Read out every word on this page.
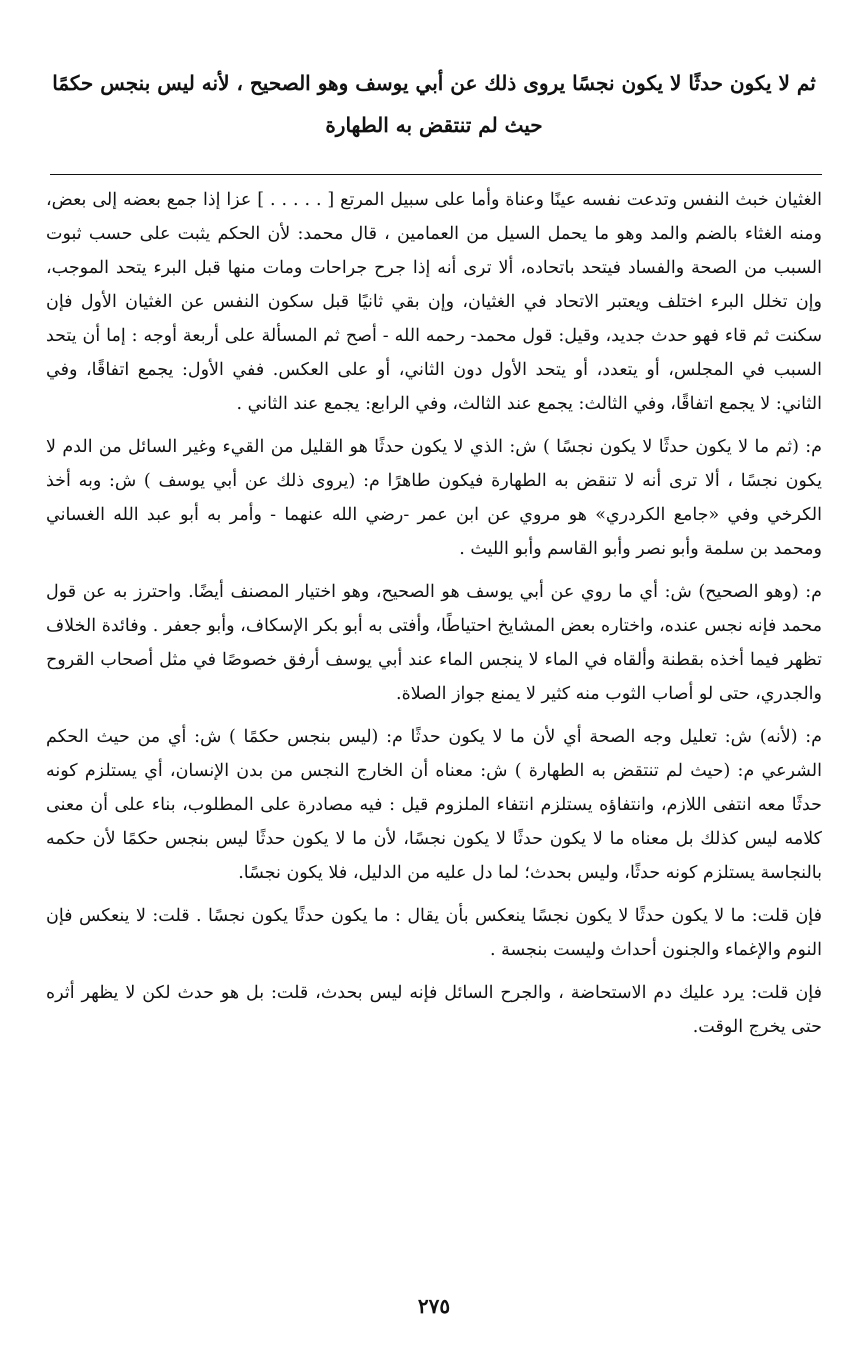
ثم لا يكون حدثًا لا يكون نجسًا يروى ذلك عن أبي يوسف وهو الصحيح ، لأنه ليس بنجس حكمًا حيث لم تنتقض به الطهارة

الغثيان خبث النفس وتدعت نفسه عينًا وعناة وأما على سبيل المرتع [ . . . . . ] عزا إذا جمع بعضه إلى بعض، ومنه الغثاء بالضم والمد وهو ما يحمل السيل من العمامين ، قال محمد: لأن الحكم يثبت على حسب ثبوت السبب من الصحة والفساد فيتحد باتحاده، ألا ترى أنه إذا جرح جراحات ومات منها قبل البرء يتحد الموجب، وإن تخلل البرء اختلف ويعتبر الاتحاد في الغثيان، وإن بقي ثانيًا قبل سكون النفس عن الغثيان الأول فإن سكنت ثم قاء فهو حدث جديد، وقيل: قول محمد- رحمه الله - أصح ثم المسألة على أربعة أوجه : إما أن يتحد السبب في المجلس، أو يتعدد، أو يتحد الأول دون الثاني، أو على العكس. ففي الأول: يجمع اتفاقًا، وفي الثاني: لا يجمع اتفاقًا، وفي الثالث: يجمع عند الثالث، وفي الرابع: يجمع عند الثاني .

م: (ثم ما لا يكون حدثًا لا يكون نجسًا ) ش: الذي لا يكون حدثًا هو القليل من القيء وغير السائل من الدم لا يكون نجسًا ، ألا ترى أنه لا تنقض به الطهارة فيكون طاهرًا م: (يروى ذلك عن أبي يوسف ) ش: وبه أخذ الكرخي وفي «جامع الكردري» هو مروي عن ابن عمر -رضي الله عنهما - وأمر به أبو عبد الله الغساني ومحمد بن سلمة وأبو نصر وأبو القاسم وأبو الليث .

م: (وهو الصحيح) ش: أي ما روي عن أبي يوسف هو الصحيح، وهو اختيار المصنف أيضًا. واحترز به عن قول محمد فإنه نجس عنده، واختاره بعض المشايخ احتياطًا، وأفتى به أبو بكر الإسكاف، وأبو جعفر . وفائدة الخلاف تظهر فيما أخذه بقطنة وألقاه في الماء لا ينجس الماء عند أبي يوسف أرفق خصوصًا في مثل أصحاب القروح والجدري، حتى لو أصاب الثوب منه كثير لا يمنع جواز الصلاة.

م: (لأنه) ش: تعليل وجه الصحة أي لأن ما لا يكون حدثًا م: (ليس بنجس حكمًا ) ش: أي من حيث الحكم الشرعي م: (حيث لم تنتقض به الطهارة ) ش: معناه أن الخارج النجس من بدن الإنسان، أي يستلزم كونه حدثًا معه انتفى اللازم، وانتفاؤه يستلزم انتفاء الملزوم قيل : فيه مصادرة على المطلوب، بناء على أن معنى كلامه ليس كذلك بل معناه ما لا يكون حدثًا لا يكون نجسًا، لأن ما لا يكون حدثًا ليس بنجس حكمًا لأن حكمه بالنجاسة يستلزم كونه حدثًا، وليس بحدث؛ لما دل عليه من الدليل، فلا يكون نجسًا.

فإن قلت: ما لا يكون حدثًا لا يكون نجسًا ينعكس بأن يقال : ما يكون حدثًا يكون نجسًا . قلت: لا ينعكس فإن النوم والإغماء والجنون أحداث وليست بنجسة .

فإن قلت: يرد عليك دم الاستحاضة ، والجرح السائل فإنه ليس بحدث، قلت: بل هو حدث لكن لا يظهر أثره حتى يخرج الوقت.

٢٧٥
